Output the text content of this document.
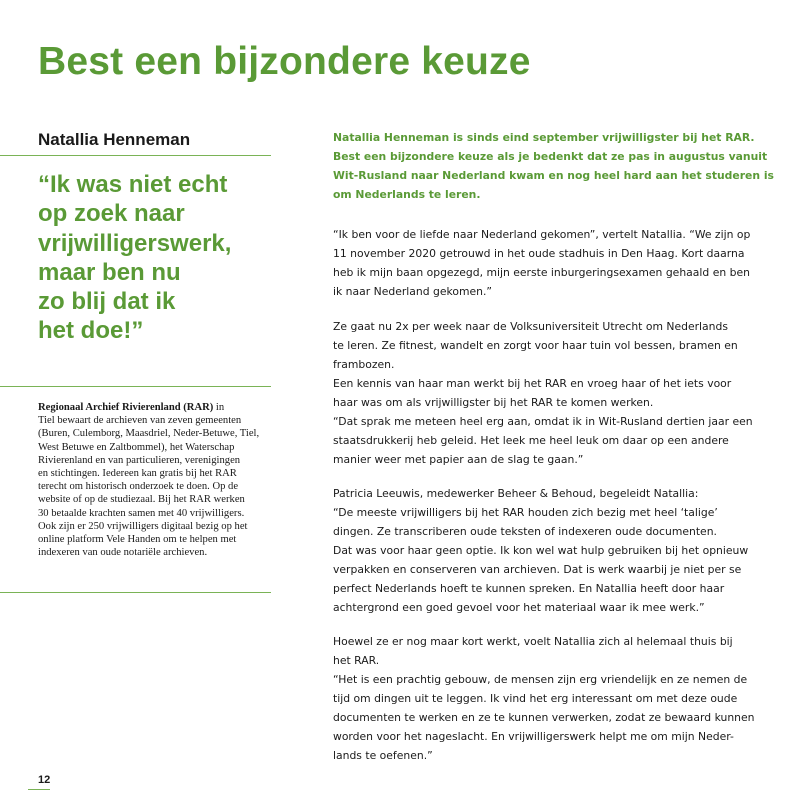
Best een bijzondere keuze
Natallia Henneman
“Ik was niet echt
op zoek naar
vrijwilligerswerk,
maar ben nu
zo blij dat ik
het doe!”
Regionaal Archief Rivierenland (RAR) in
Tiel bewaart de archieven van zeven gemeenten
(Buren, Culemborg, Maasdriel, Neder-Betuwe, Tiel,
West Betuwe en Zaltbommel), het Waterschap
Rivierenland en van particulieren, verenigingen
en stichtingen. Iedereen kan gratis bij het RAR
terecht om historisch onderzoek te doen. Op de
website of op de studiezaal. Bij het RAR werken
30 betaalde krachten samen met 40 vrijwilligers.
Ook zijn er 250 vrijwilligers digitaal bezig op het
online platform Vele Handen om te helpen met
indexeren van oude notariële archieven.
Natallia Henneman is sinds eind september vrijwilligster bij het RAR.
Best een bijzondere keuze als je bedenkt dat ze pas in augustus vanuit
Wit-Rusland naar Nederland kwam en nog heel hard aan het studeren is
om Nederlands te leren.
“Ik ben voor de liefde naar Nederland gekomen”, vertelt Natallia. “We zijn op
11 november 2020 getrouwd in het oude stadhuis in Den Haag. Kort daarna
heb ik mijn baan opgezegd, mijn eerste inburgeringsexamen gehaald en ben
ik naar Nederland gekomen.”
Ze gaat nu 2x per week naar de Volksuniversiteit Utrecht om Nederlands
te leren. Ze fitnest, wandelt en zorgt voor haar tuin vol bessen, bramen en
frambozen.
Een kennis van haar man werkt bij het RAR en vroeg haar of het iets voor
haar was om als vrijwilligster bij het RAR te komen werken.
“Dat sprak me meteen heel erg aan, omdat ik in Wit-Rusland dertien jaar een
staatsdrukkerij heb geleid. Het leek me heel leuk om daar op een andere
manier weer met papier aan de slag te gaan.”
Patricia Leeuwis, medewerker Beheer & Behoud, begeleidt Natallia:
“De meeste vrijwilligers bij het RAR houden zich bezig met heel ‘talige’
dingen. Ze transcriberen oude teksten of indexeren oude documenten.
Dat was voor haar geen optie. Ik kon wel wat hulp gebruiken bij het opnieuw
verpakken en conserveren van archieven. Dat is werk waarbij je niet per se
perfect Nederlands hoeft te kunnen spreken. En Natallia heeft door haar
achtergrond een goed gevoel voor het materiaal waar ik mee werk.”
Hoewel ze er nog maar kort werkt, voelt Natallia zich al helemaal thuis bij
het RAR.
“Het is een prachtig gebouw, de mensen zijn erg vriendelijk en ze nemen de
tijd om dingen uit te leggen. Ik vind het erg interessant om met deze oude
documenten te werken en ze te kunnen verwerken, zodat ze bewaard kunnen
worden voor het nageslacht. En vrijwilligerswerk helpt me om mijn Neder-
lands te oefenen.”
12
